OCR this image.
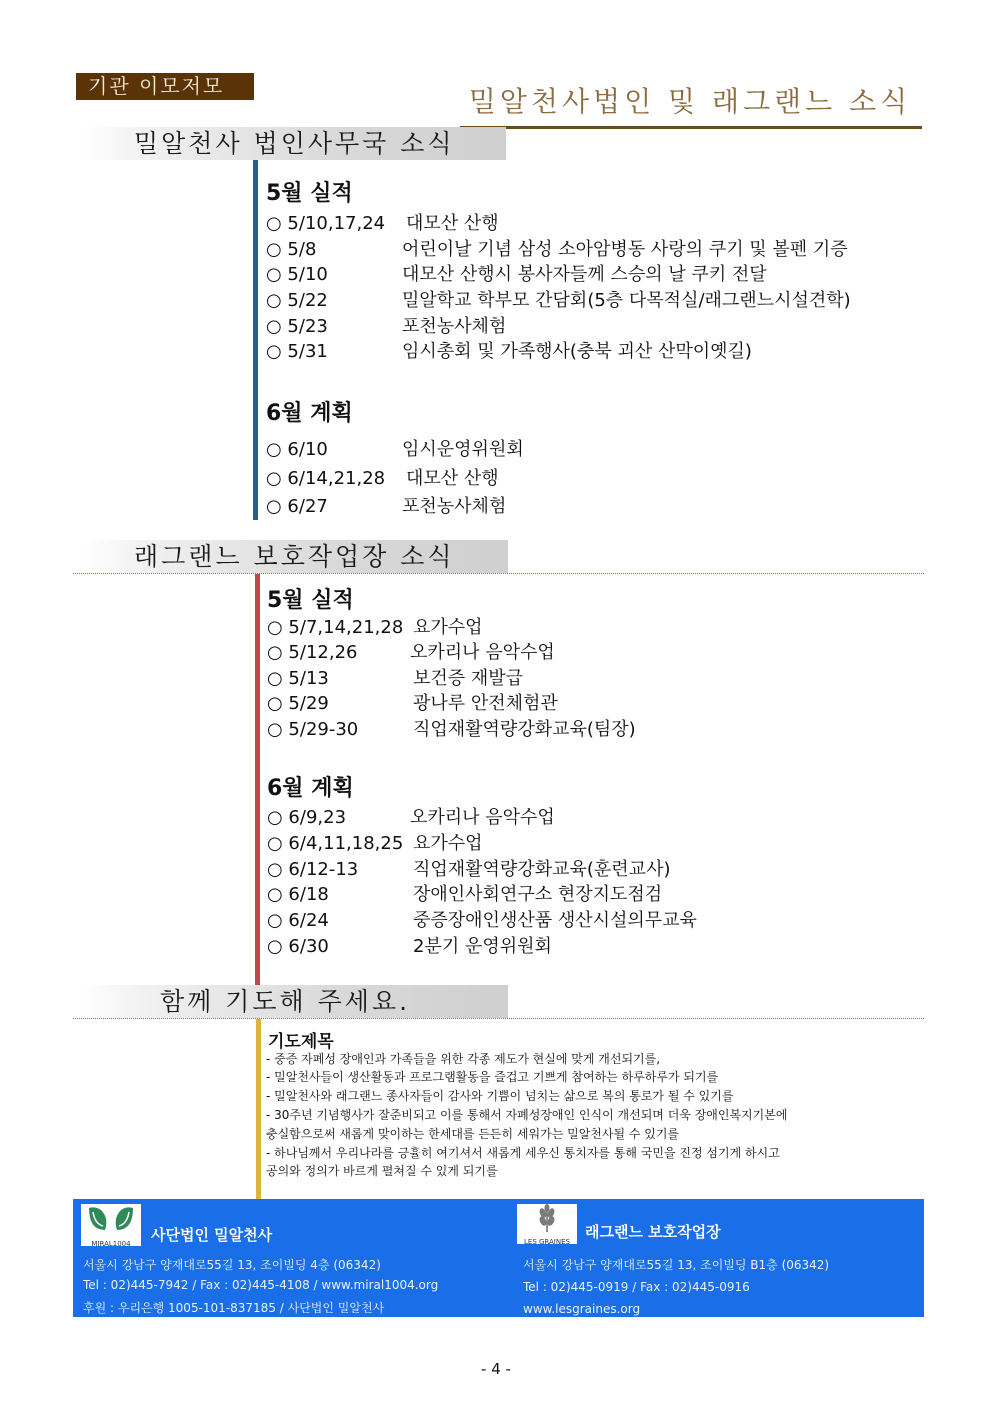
기관 이모저모	밀알천사법인 및 래그랜느 소식
밀알천사 법인사무국 소식
5월 실적
○ 5/10,17,24 대모산 산행
○ 5/8	어린이날 기념 삼성 소아암병동 사랑의 쿠기 및 볼펜 기증
○ 5/10	대모산 산행시 봉사자들께 스승의 날 쿠키 전달
○ 5/22	밀알학교 학부모 간담회(5층 다목적실/래그랜느시설견학)
○ 5/23	포천농사체험
○ 5/31	임시총회 및 가족행사(충북 괴산 산막이옛길)
6월 계획
○ 6/10	임시운영위원회
○ 6/14,21,28 대모산 산행
○ 6/27	포천농사체험
래그랜느 보호작업장 소식
5월 실적
○ 5/7,14,21,28 요가수업
○ 5/12,26	오카리나 음악수업
○ 5/13	보건증 재발급
○ 5/29	광나루 안전체험관
○ 5/29-30	직업재활역량강화교육(팀장)
6월 계획
○ 6/9,23	오카리나 음악수업
○ 6/4,11,18,25 요가수업
○ 6/12-13	직업재활역량강화교육(훈련교사)
○ 6/18	장애인사회연구소 현장지도점검
○ 6/24	중증장애인생산품 생산시설의무교육
○ 6/30	2분기 운영위원회
함께 기도해 주세요.
기도제목
- 중증 자폐성 장애인과 가족들을 위한 각종 제도가 현실에 맞게 개선되기를,
- 밀알천사들이 생산활동과 프로그램활동을 즐겁고 기쁘게 참여하는 하루하루가 되기를
- 밀알천사와 래그랜느 종사자들이 감사와 기쁨이 넘치는 삶으로 복의 통로가 될 수 있기를
- 30주년 기념행사가 잘준비되고 이를 통해서 자폐성장애인 인식이 개선되며 더욱 장애인복지기본에
충실함으로써 새롭게 맞이하는 한세대를 든든히 세워가는 밀알천사될 수 있기를
- 하나님께서 우리나라를 긍휼히 여기셔서 새롭게 세우신 통치자를 통해 국민을 진정 섬기게 하시고
공의와 정의가 바르게 펼쳐질 수 있게 되기를
MIRAL1004	사단법인 밀알천사
서울시 강남구 양재대로55길 13, 조이빌딩 4층 (06342)
Tel : 02)445-7942 / Fax : 02)445-4108 / www.miral1004.org
후원 : 우리은행 1005-101-837185 / 사단법인 밀알천사
LES GRAINES
래그랜느 보호작업장
서울시 강남구 양재대로55길 13, 조이빌딩 B1층 (06342)
Tel : 02)445-0919 / Fax : 02)445-0916
www.lesgraines.org
- 4 -
